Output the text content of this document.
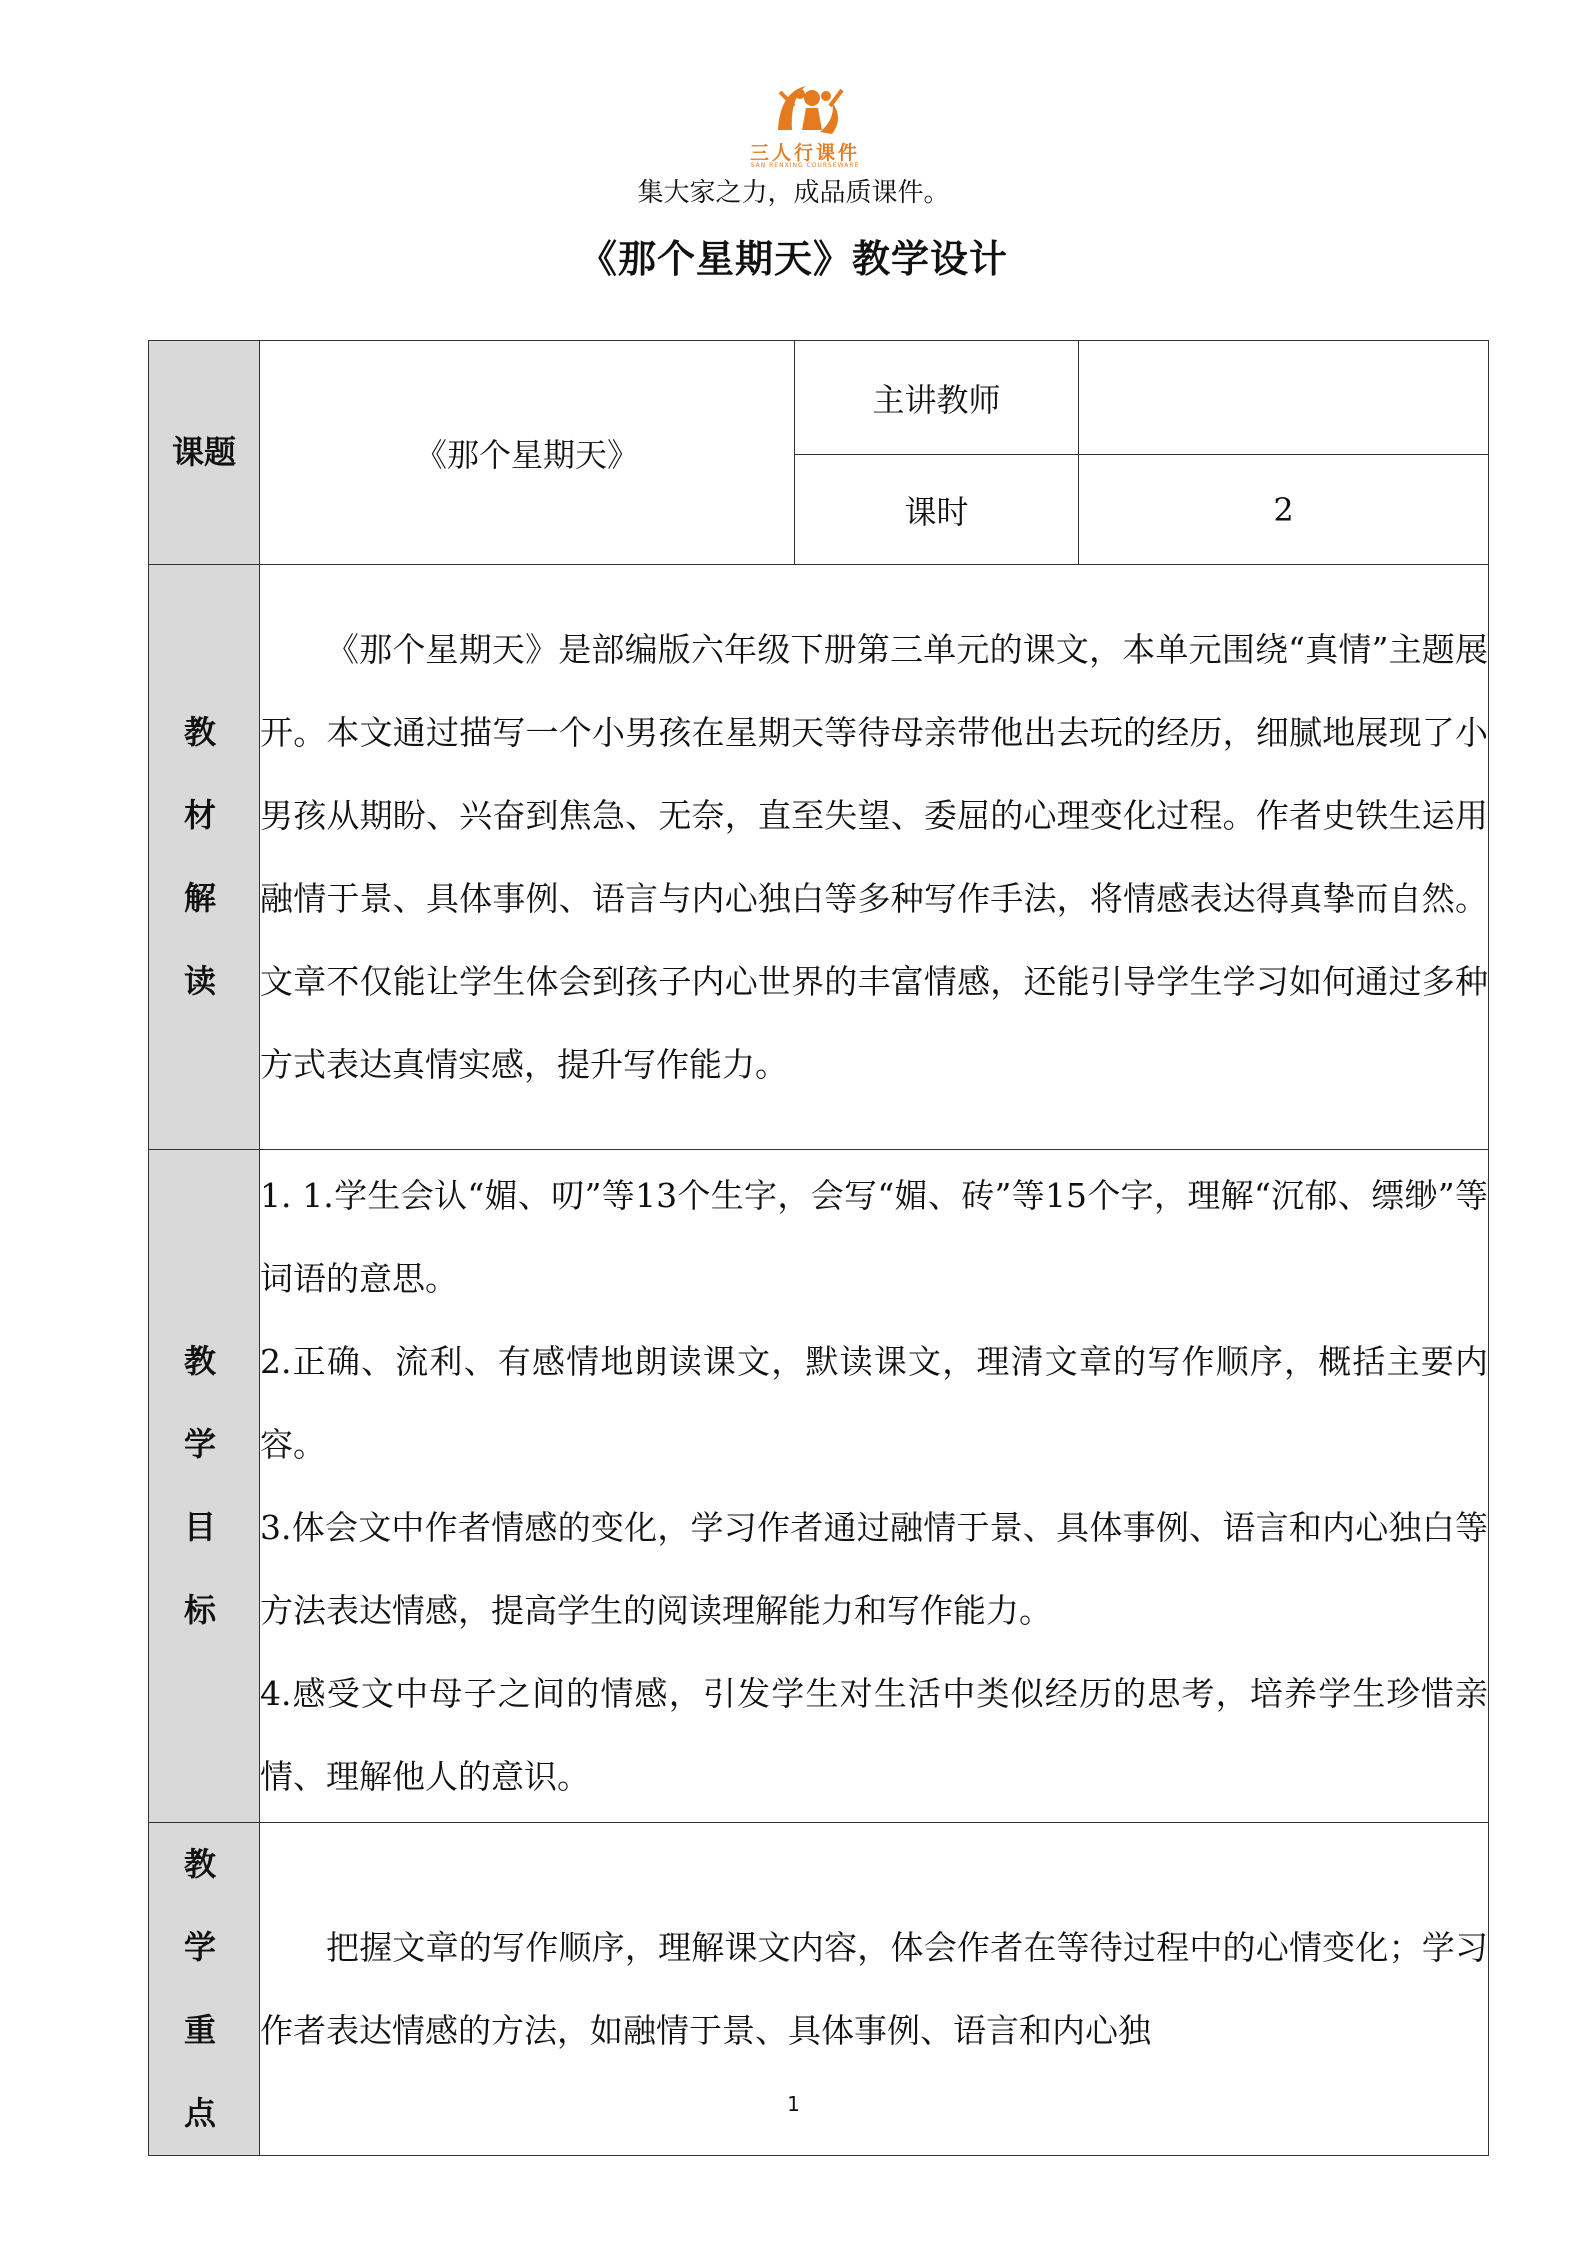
三人行课件
SAN RENXING COURSEWARE
集大家之力，成品质课件。
《那个星期天》教学设计
课题	《那个星期天》	主讲教师	
		课时	2
教材解读	《那个星期天》是部编版六年级下册第三单元的课文，本单元围绕“真情”主题展开。本文通过描写一个小男孩在星期天等待母亲带他出去玩的经历，细腻地展现了小男孩从期盼、兴奋到焦急、无奈，直至失望、委屈的心理变化过程。作者史铁生运用融情于景、具体事例、语言与内心独白等多种写作手法，将情感表达得真挚而自然。文章不仅能让学生体会到孩子内心世界的丰富情感，还能引导学生学习如何通过多种方式表达真情实感，提升写作能力。		

教学目标	1. 1.学生会认“媚、叨”等13个生字，会写“媚、砖”等15个字，理解“沉郁、缥缈”等词语的意思。

2.正确、流利、有感情地朗读课文，默读课文，理清文章的写作顺序，概括主要内容。

3.体会文中作者情感的变化，学习作者通过融情于景、具体事例、语言和内心独白等方法表达情感，提高学生的阅读理解能力和写作能力。

4.感受文中母子之间的情感，引发学生对生活中类似经历的思考，培养学生珍惜亲情、理解他人的意识。		

教学重点	把握文章的写作顺序，理解课文内容，体会作者在等待过程中的心情变化；学习作者表达情感的方法，如融情于景、具体事例、语言和内心独		

1
